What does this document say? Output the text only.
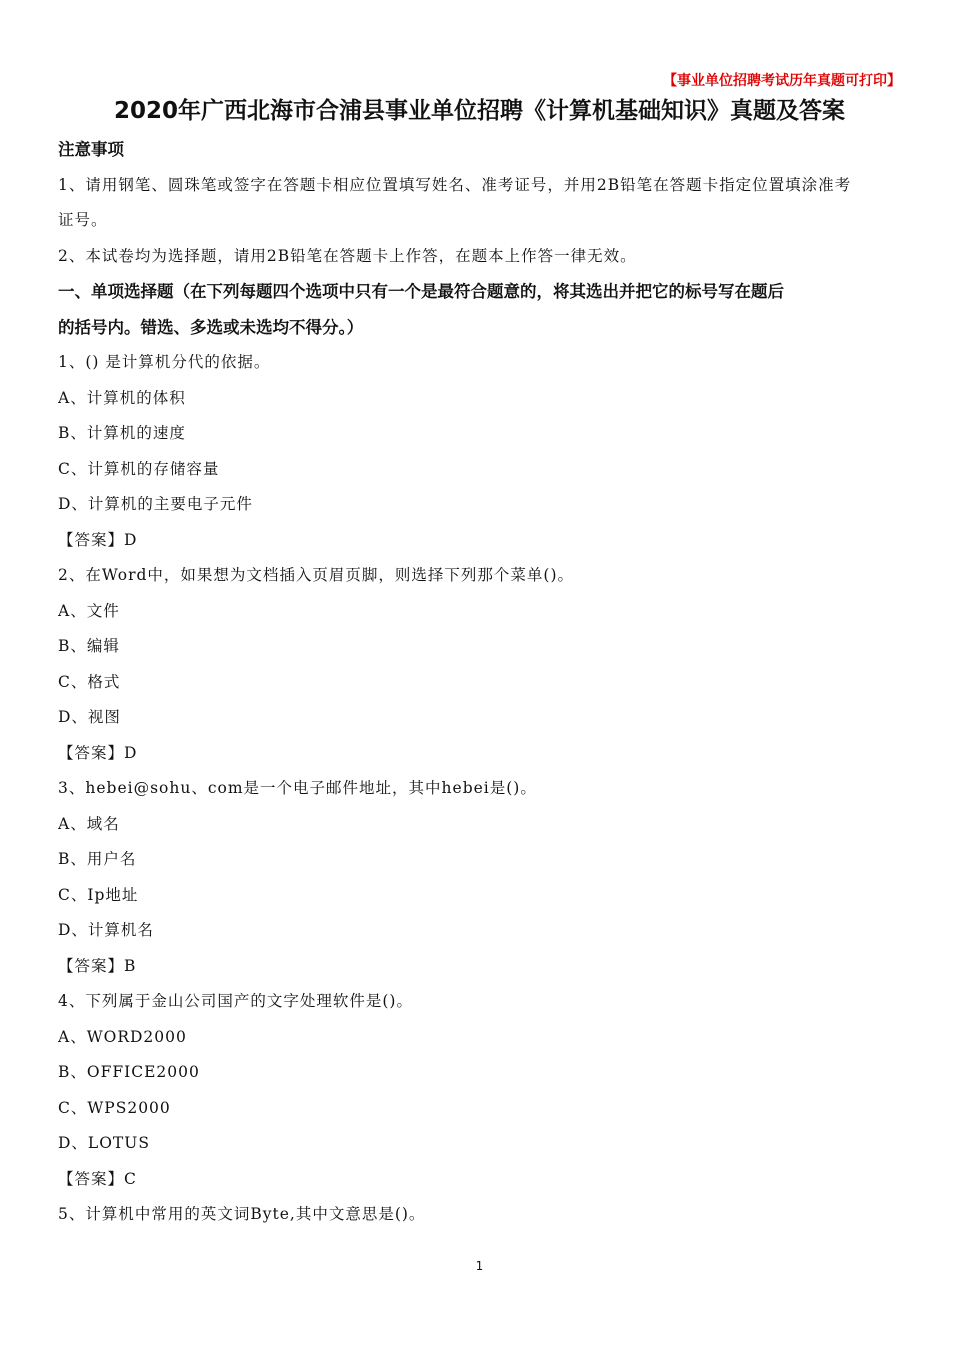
【事业单位招聘考试历年真题可打印】
2020年广西北海市合浦县事业单位招聘《计算机基础知识》真题及答案
注意事项
1、请用钢笔、圆珠笔或签字在答题卡相应位置填写姓名、准考证号，并用2B铅笔在答题卡指定位置填涂准考
证号。
2、本试卷均为选择题，请用2B铅笔在答题卡上作答，在题本上作答一律无效。
一、单项选择题（在下列每题四个选项中只有一个是最符合题意的，将其选出并把它的标号写在题后
的括号内。错选、多选或未选均不得分。）
1、() 是计算机分代的依据。
A、计算机的体积
B、计算机的速度
C、计算机的存储容量
D、计算机的主要电子元件
【答案】D
2、在Word中，如果想为文档插入页眉页脚，则选择下列那个菜单()。
A、文件
B、编辑
C、格式
D、视图
【答案】D
3、hebei@sohu、com是一个电子邮件地址，其中hebei是()。
A、域名
B、用户名
C、Ip地址
D、计算机名
【答案】B
4、下列属于金山公司国产的文字处理软件是()。
A、WORD2000
B、OFFICE2000
C、WPS2000
D、LOTUS
【答案】C
5、计算机中常用的英文词Byte,其中文意思是()。
1
